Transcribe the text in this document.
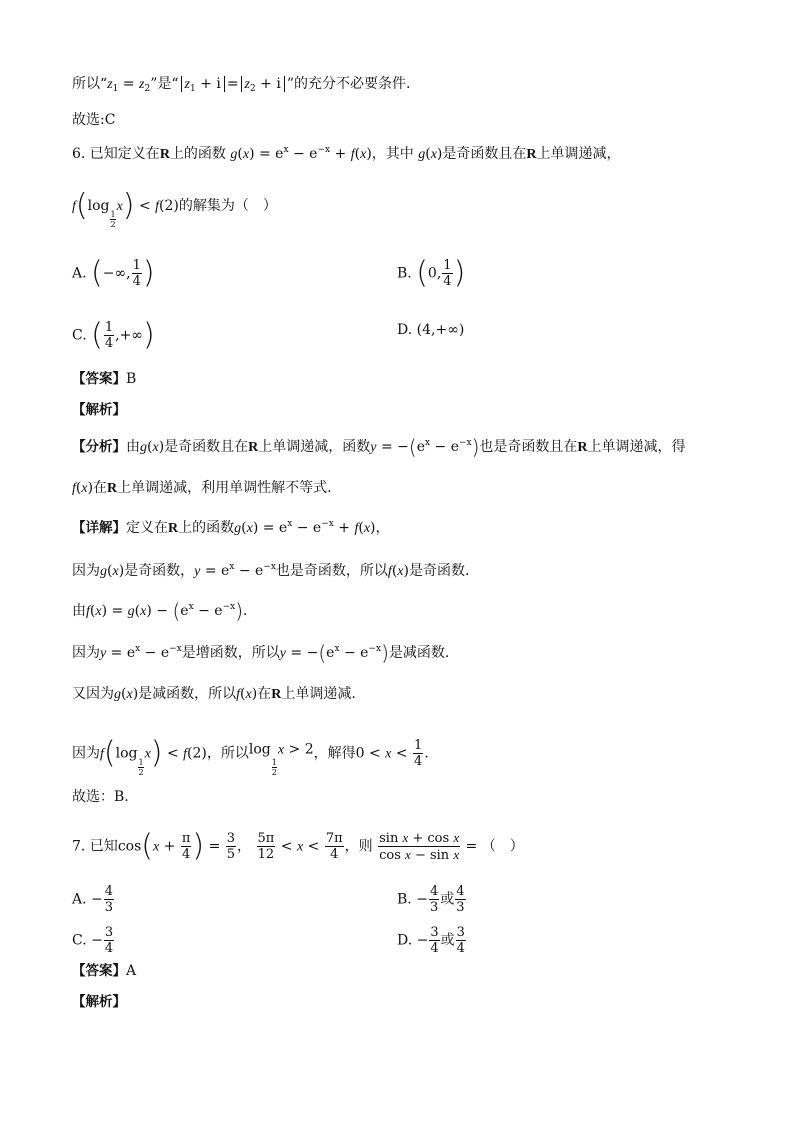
所以“$z_1 = z_2$”是“ $z_1 + i = z_2 + i$ ”的充分不必要条件.
故选:C
6. 已知定义在R上的函数 $g(x) = e^x - e^{-x} + f(x)$，其中 g(x)是奇函数且在R上单调递减，
f(log
$\frac{1}{2}$
x) < f(2)的解集为（　）
A. (−∞, $\frac{1}{4}$ )	B. (0, $\frac{1}{4}$ )
C. ( $\frac{1}{4}$ ,+∞)	D. (4,+∞)
【答案】B
【解析】
【分析】由g(x)是奇函数且在R上单调递减，函数$y = -(e^x - e^{-x})$也是奇函数且在R上单调递减，得
f(x)在R上单调递减，利用单调性解不等式.
【详解】定义在R上的函数$g(x) = e^x - e^{-x} + f(x)$，
因为g(x)是奇函数，$y = e^x - e^{-x}$也是奇函数，所以f(x)是奇函数.
由$f(x) = g(x) - (e^x - e^{-x})$.
因为$y = e^x - e^{-x}$是增函数，所以$y = -(e^x - e^{-x})$是减函数.
又因为g(x)是减函数，所以f(x)在R上单调递减.
因为f(log
$\frac{1}{2}$
x) < f(2)，所以log
$\frac{1}{2}$
x > 2，解得$0 < x < \frac{1}{4}$ .
故选：B.
7. 已知$\cos(x + \frac{\pi}{4}$ ) = $\frac{3}{5}$ ， $\frac{5\pi}{12} < x < \frac{7\pi}{4}$ ，则 $\frac{\text{sin x + cos x}}{\text{cos x − sin x}}$ = （　）
A. − $\frac{4}{3}$	B. − $\frac{4}{3}$ 或 $\frac{4}{3}$
C. − $\frac{3}{4}$	D. − $\frac{3}{4}$ 或 $\frac{3}{4}$
【答案】A
【解析】
